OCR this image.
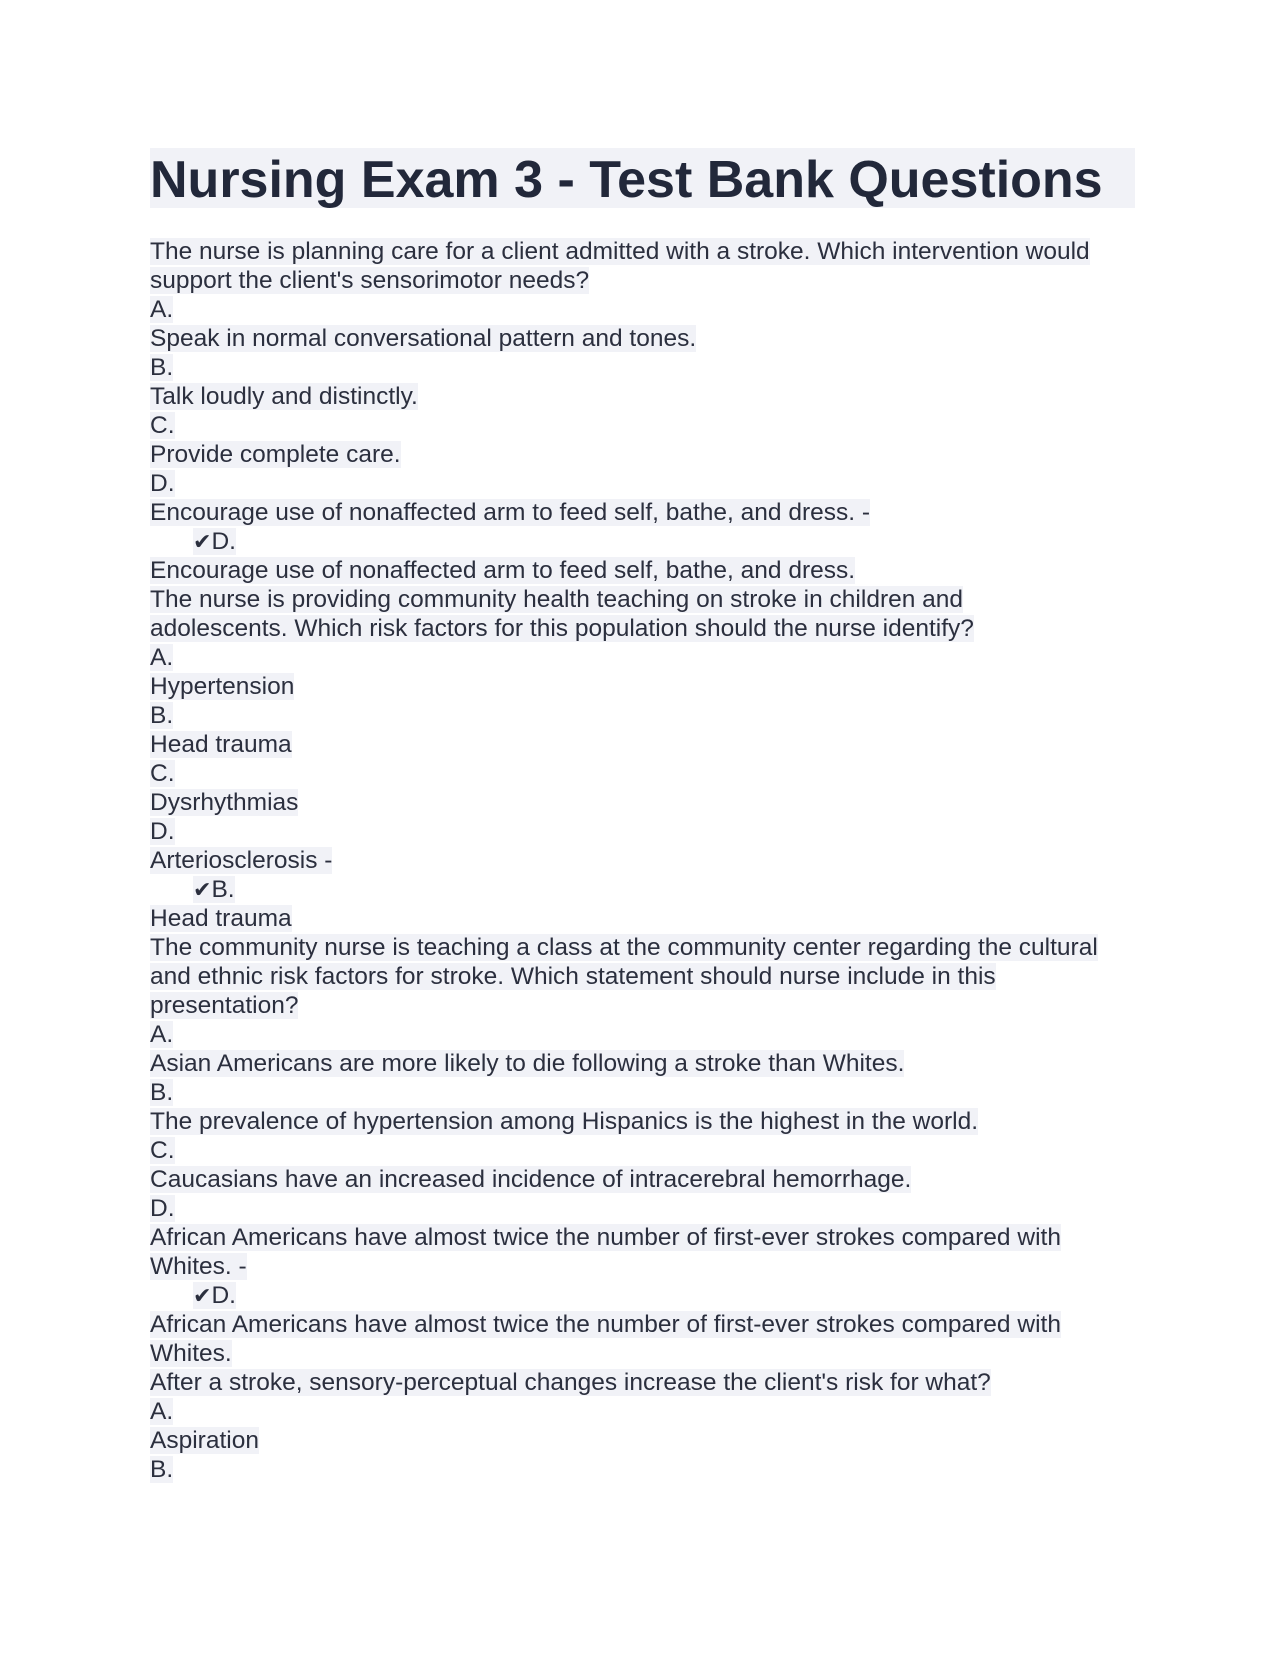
Nursing Exam 3 - Test Bank Questions

The nurse is planning care for a client admitted with a stroke. Which intervention would

support the client's sensorimotor needs?

A.

Speak in normal conversational pattern and tones.

B.

Talk loudly and distinctly.

C.

Provide complete care.

D.

Encourage use of nonaffected arm to feed self, bathe, and dress. -

✔D.

Encourage use of nonaffected arm to feed self, bathe, and dress.

The nurse is providing community health teaching on stroke in children and

adolescents. Which risk factors for this population should the nurse identify?

A.

Hypertension

B.

Head trauma

C.

Dysrhythmias

D.

Arteriosclerosis -

✔B.

Head trauma

The community nurse is teaching a class at the community center regarding the cultural

and ethnic risk factors for stroke. Which statement should nurse include in this

presentation?

A.

Asian Americans are more likely to die following a stroke than Whites.

B.

The prevalence of hypertension among Hispanics is the highest in the world.

C.

Caucasians have an increased incidence of intracerebral hemorrhage.

D.

African Americans have almost twice the number of first-ever strokes compared with

Whites. -

✔D.

African Americans have almost twice the number of first-ever strokes compared with

Whites.

After a stroke, sensory-perceptual changes increase the client's risk for what?

A.

Aspiration

B.
